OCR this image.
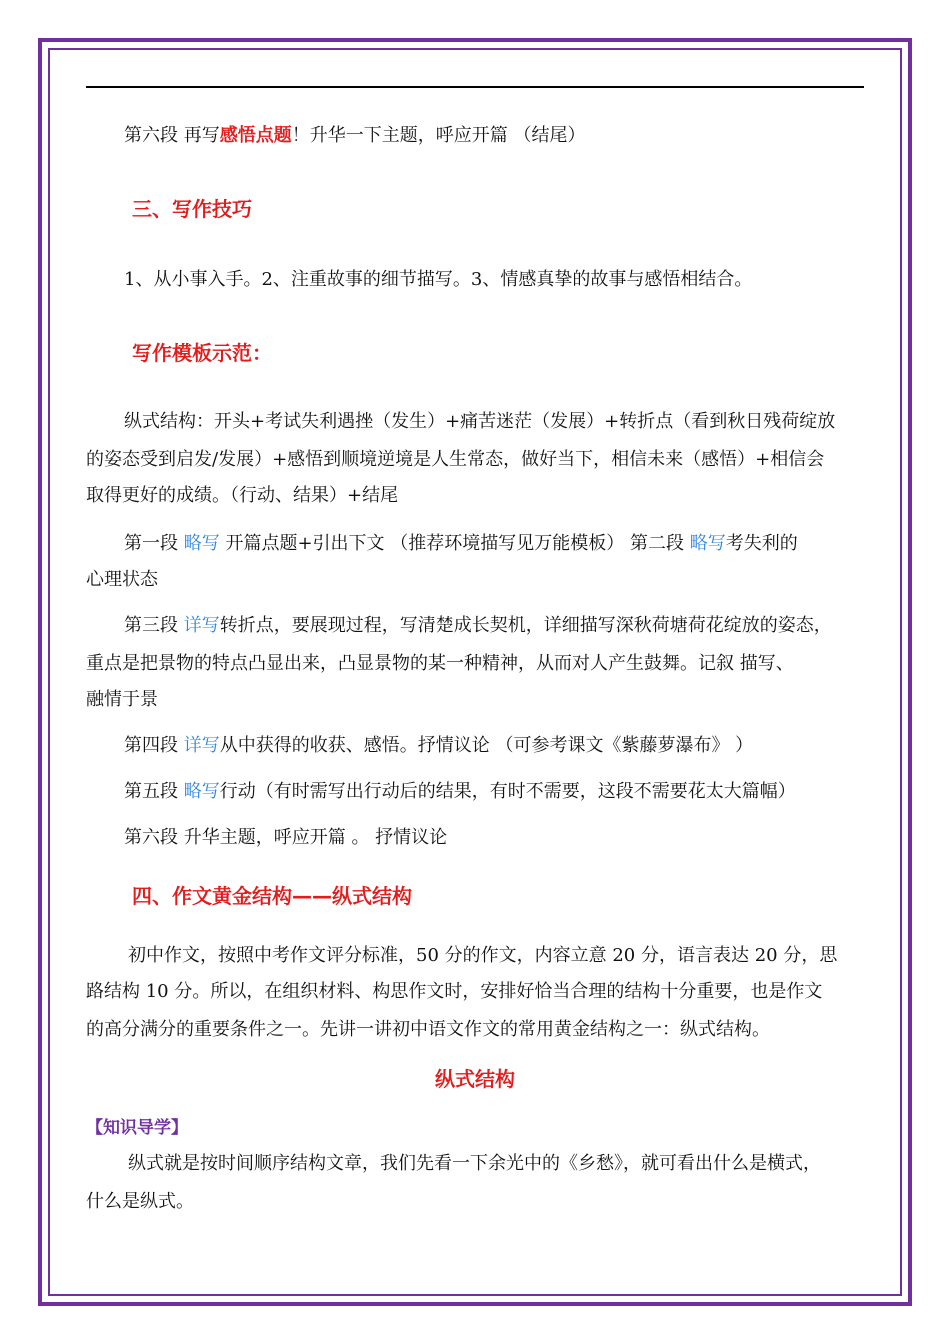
第六段 再写感悟点题！升华一下主题，呼应开篇 （结尾）
三、写作技巧
1、从小事入手。2、注重故事的细节描写。3、情感真挚的故事与感悟相结合。
写作模板示范：
纵式结构：开头+考试失利遇挫（发生）+痛苦迷茫（发展）+转折点（看到秋日残荷绽放
的姿态受到启发/发展）+感悟到顺境逆境是人生常态，做好当下，相信未来（感悟）+相信会
取得更好的成绩。（行动、结果）+结尾
第一段 略写 开篇点题+引出下文 （推荐环境描写见万能模板） 第二段 略写考失利的
心理状态
第三段 详写转折点，要展现过程，写清楚成长契机，详细描写深秋荷塘荷花绽放的姿态，
重点是把景物的特点凸显出来，凸显景物的某一种精神，从而对人产生鼓舞。记叙 描写、
融情于景
第四段 详写从中获得的收获、感悟。抒情议论 （可参考课文《紫藤萝瀑布》 ）
第五段 略写行动（有时需写出行动后的结果，有时不需要，这段不需要花太大篇幅）
第六段 升华主题，呼应开篇 。 抒情议论
四、作文黄金结构——纵式结构
初中作文，按照中考作文评分标准，50 分的作文，内容立意 20 分，语言表达 20 分，思
路结构 10 分。所以，在组织材料、构思作文时，安排好恰当合理的结构十分重要，也是作文
的高分满分的重要条件之一。先讲一讲初中语文作文的常用黄金结构之一：纵式结构。
纵式结构
【知识导学】
纵式就是按时间顺序结构文章，我们先看一下余光中的《乡愁》，就可看出什么是横式，
什么是纵式。
